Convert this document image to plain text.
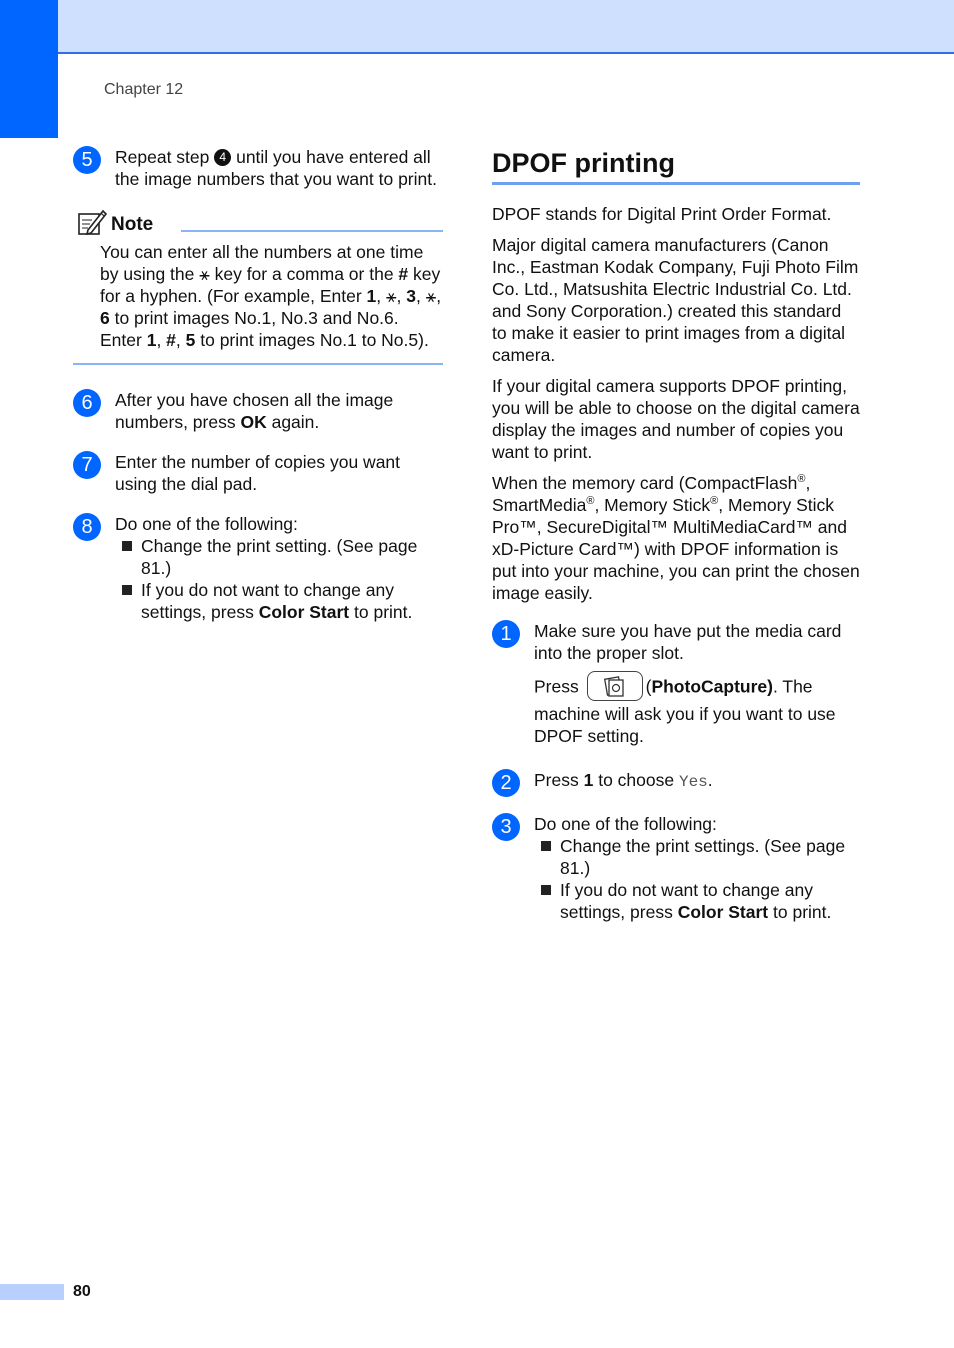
Chapter 12
5	Repeat step 4 until you have entered all the image numbers that you want to print.
Note
You can enter all the numbers at one time by using the ⚹ key for a comma or the # key for a hyphen. (For example, Enter 1, ⚹, 3, ⚹, 6 to print images No.1, No.3 and No.6. Enter 1, #, 5 to print images No.1 to No.5).
6	After you have chosen all the image numbers, press OK again.
7	Enter the number of copies you want using the dial pad.
8	Do one of the following:
Change the print setting. (See page 81.)
If you do not want to change any settings, press Color Start to print.
DPOF printing

DPOF stands for Digital Print Order Format.

Major digital camera manufacturers (Canon Inc., Eastman Kodak Company, Fuji Photo Film Co. Ltd., Matsushita Electric Industrial Co. Ltd. and Sony Corporation.) created this standard to make it easier to print images from a digital camera.

If your digital camera supports DPOF printing, you will be able to choose on the digital camera display the images and number of copies you want to print.

When the memory card (CompactFlash®, SmartMedia®, Memory Stick®, Memory Stick Pro™, SecureDigital™ MultiMediaCard™ and xD-Picture Card™) with DPOF information is put into your machine, you can print the chosen image easily.

1	Make sure you have put the media card into the proper slot.

Press	(PhotoCapture). The machine will ask you if you want to use DPOF setting.

2	Press 1 to choose Yes.
3	Do one of the following:
Change the print settings. (See page 81.)
If you do not want to change any settings, press Color Start to print.
80
